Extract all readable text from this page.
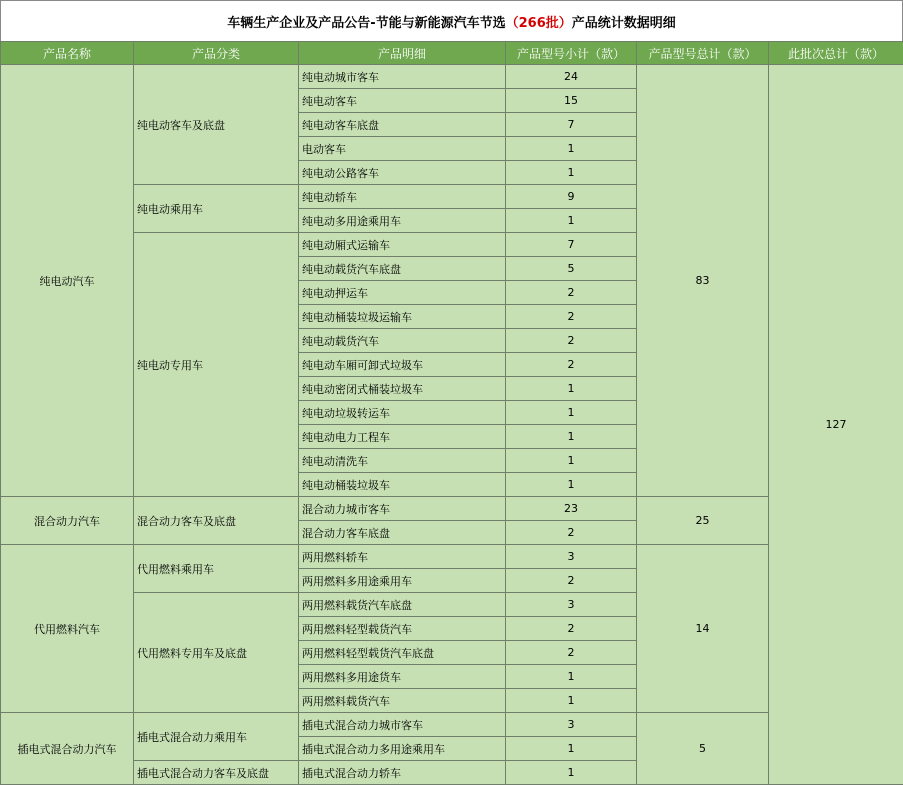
车辆生产企业及产品公告-节能与新能源汽车节选 （266批） 产品统计数据明细
产品名称	产品分类	产品明细	产品型号小计（款）	产品型号总计（款）	此批次总计（款）
纯电动汽车	纯电动客车及底盘	纯电动城市客车	24	83	127
		纯电动客车	15		
		纯电动客车底盘	7		
		电动客车	1		
		纯电动公路客车	1		
	纯电动乘用车	纯电动轿车	9		
		纯电动多用途乘用车	1		
	纯电动专用车	纯电动厢式运输车	7		
		纯电动载货汽车底盘	5		
		纯电动押运车	2		
		纯电动桶装垃圾运输车	2		
		纯电动载货汽车	2		
		纯电动车厢可卸式垃圾车	2		
		纯电动密闭式桶装垃圾车	1		
		纯电动垃圾转运车	1		
		纯电动电力工程车	1		
		纯电动清洗车	1		
		纯电动桶装垃圾车	1		
混合动力汽车	混合动力客车及底盘	混合动力城市客车	23	25	
		混合动力客车底盘	2		
代用燃料汽车	代用燃料乘用车	两用燃料轿车	3	14	
		两用燃料多用途乘用车	2		
	代用燃料专用车及底盘	两用燃料载货汽车底盘	3		
		两用燃料轻型载货汽车	2		
		两用燃料轻型载货汽车底盘	2		
		两用燃料多用途货车	1		
		两用燃料载货汽车	1		
插电式混合动力汽车	插电式混合动力乘用车	插电式混合动力城市客车	3	5	
		插电式混合动力多用途乘用车	1		
	插电式混合动力客车及底盘	插电式混合动力轿车	1		
